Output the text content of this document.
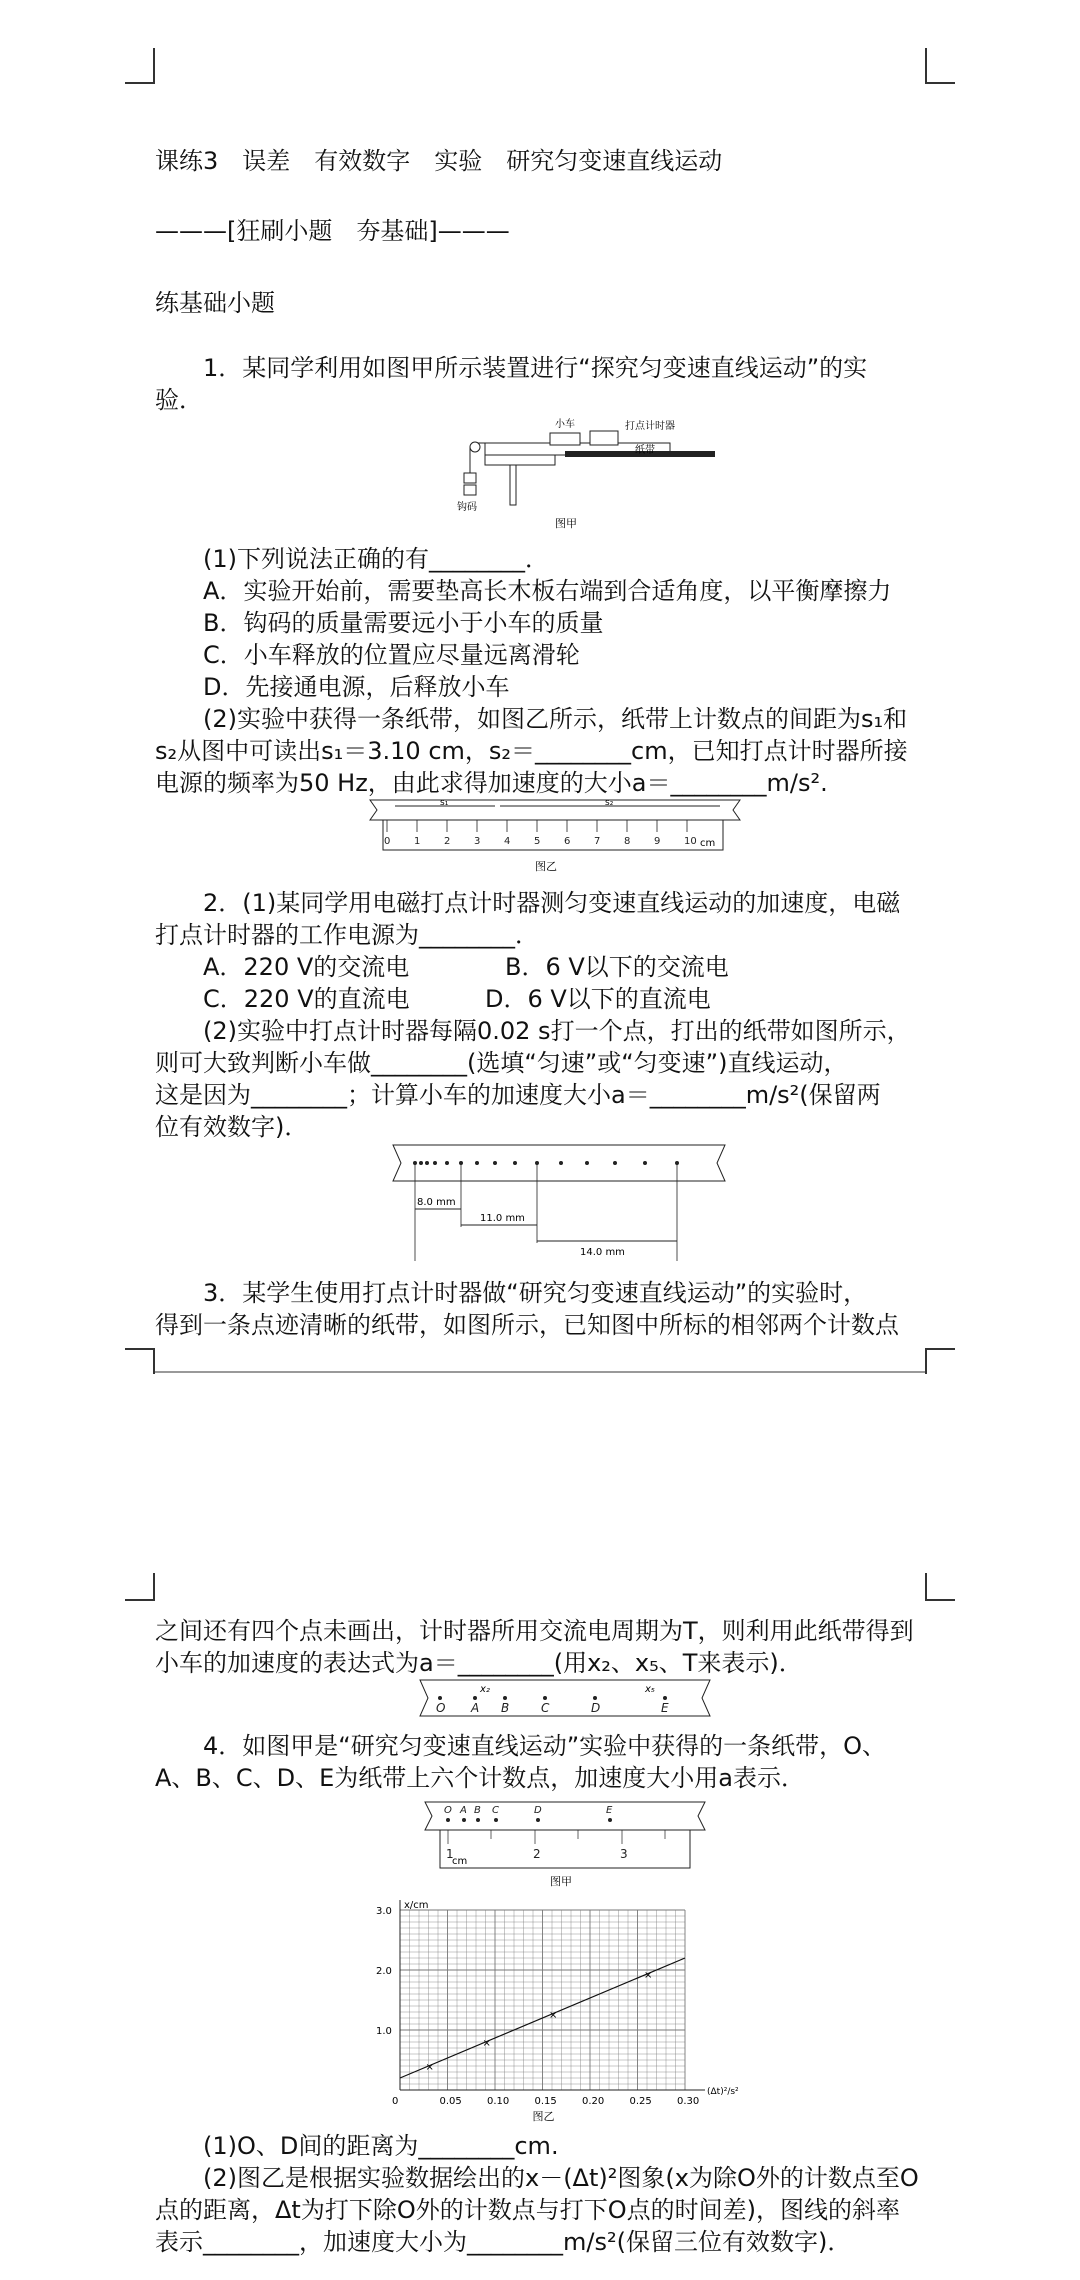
课练3　误差　有效数字　实验　研究匀变速直线运动
———[狂刷小题　夯基础]———
练基础小题
1．某同学利用如图甲所示装置进行“探究匀变速直线运动”的实
验．
小车	打点计时器
纸带
钩码
图甲
(1)下列说法正确的有________．
A．实验开始前，需要垫高长木板右端到合适角度，以平衡摩擦力
B．钩码的质量需要远小于小车的质量
C．小车释放的位置应尽量远离滑轮
D．先接通电源，后释放小车
(2)实验中获得一条纸带，如图乙所示，纸带上计数点的间距为s₁和
s₂从图中可读出s₁＝3.10 cm，s₂＝________cm，已知打点计时器所接
电源的频率为50 Hz，由此求得加速度的大小a＝________m/s².
s₁	s₂
0 1 2 3 4 5 6 7 8 9 10 cm
图乙
2．(1)某同学用电磁打点计时器测匀变速直线运动的加速度，电磁
打点计时器的工作电源为________．
A．220 V的交流电	B．6 V以下的交流电
C．220 V的直流电	D．6 V以下的直流电
(2)实验中打点计时器每隔0.02 s打一个点，打出的纸带如图所示，
则可大致判断小车做________(选填“匀速”或“匀变速”)直线运动，
这是因为________；计算小车的加速度大小a＝________m/s²(保留两
位有效数字)．
8.0 mm
11.0 mm
14.0 mm
3．某学生使用打点计时器做“研究匀变速直线运动”的实验时，
得到一条点迹清晰的纸带，如图所示，已知图中所标的相邻两个计数点
之间还有四个点未画出，计时器所用交流电周期为T，则利用此纸带得到
小车的加速度的表达式为a＝________(用x₂、x₅、T来表示)．
O A B	C	D	E
x₂	x₅
4．如图甲是“研究匀变速直线运动”实验中获得的一条纸带，O、
A、B、C、D、E为纸带上六个计数点，加速度大小用a表示．
O A B C	D	E
1	2	3
cm
图甲
0	0.05	0.10	0.15	0.20	0.25	0.30
1.0
2.0
3.0
(Δt)²/s²
x/cm
×
×
×
×
图乙
(1)O、D间的距离为________cm.
(2)图乙是根据实验数据绘出的x－(Δt)²图象(x为除O外的计数点至O
点的距离，Δt为打下除O外的计数点与打下O点的时间差)，图线的斜率
表示________，加速度大小为________m/s²(保留三位有效数字)．
